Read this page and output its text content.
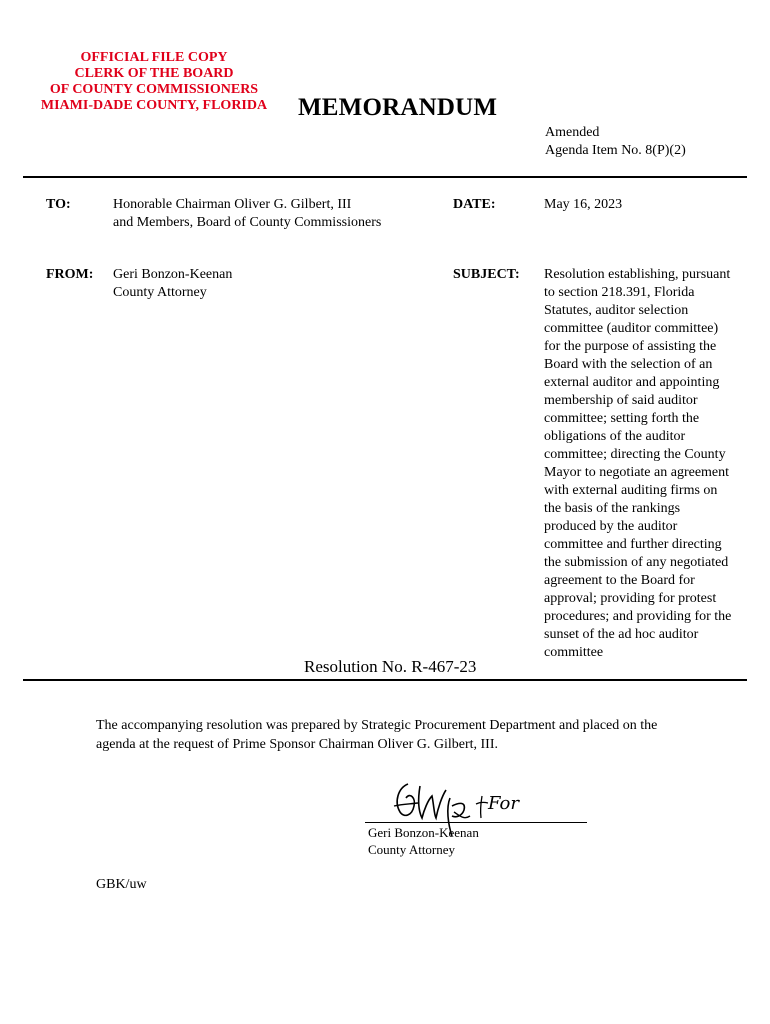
OFFICIAL FILE COPY
CLERK OF THE BOARD
OF COUNTY COMMISSIONERS
MIAMI-DADE COUNTY, FLORIDA	MEMORANDUM
Amended
Agenda Item No. 8(P)(2)
TO:	Honorable Chairman Oliver G. Gilbert, III
and Members, Board of County Commissioners
DATE:	May 16, 2023
FROM: Geri Bonzon-Keenan
County Attorney
SUBJECT: Resolution establishing, pursuant
to section 218.391, Florida
Statutes, auditor selection
committee (auditor committee)
for the purpose of assisting the
Board with the selection of an
external auditor and appointing
membership of said auditor
committee; setting forth the
obligations of the auditor
committee; directing the County
Mayor to negotiate an agreement
with external auditing firms on
the basis of the rankings
produced by the auditor
committee and further directing
the submission of any negotiated
agreement to the Board for
approval; providing for protest
procedures; and providing for the
sunset of the ad hoc auditor
committee
Resolution No. R-467-23
The accompanying resolution was prepared by Strategic Procurement Department and placed on the
agenda at the request of Prime Sponsor Chairman Oliver G. Gilbert, III.
For
Geri Bonzon-Keenan
County Attorney
GBK/uw
